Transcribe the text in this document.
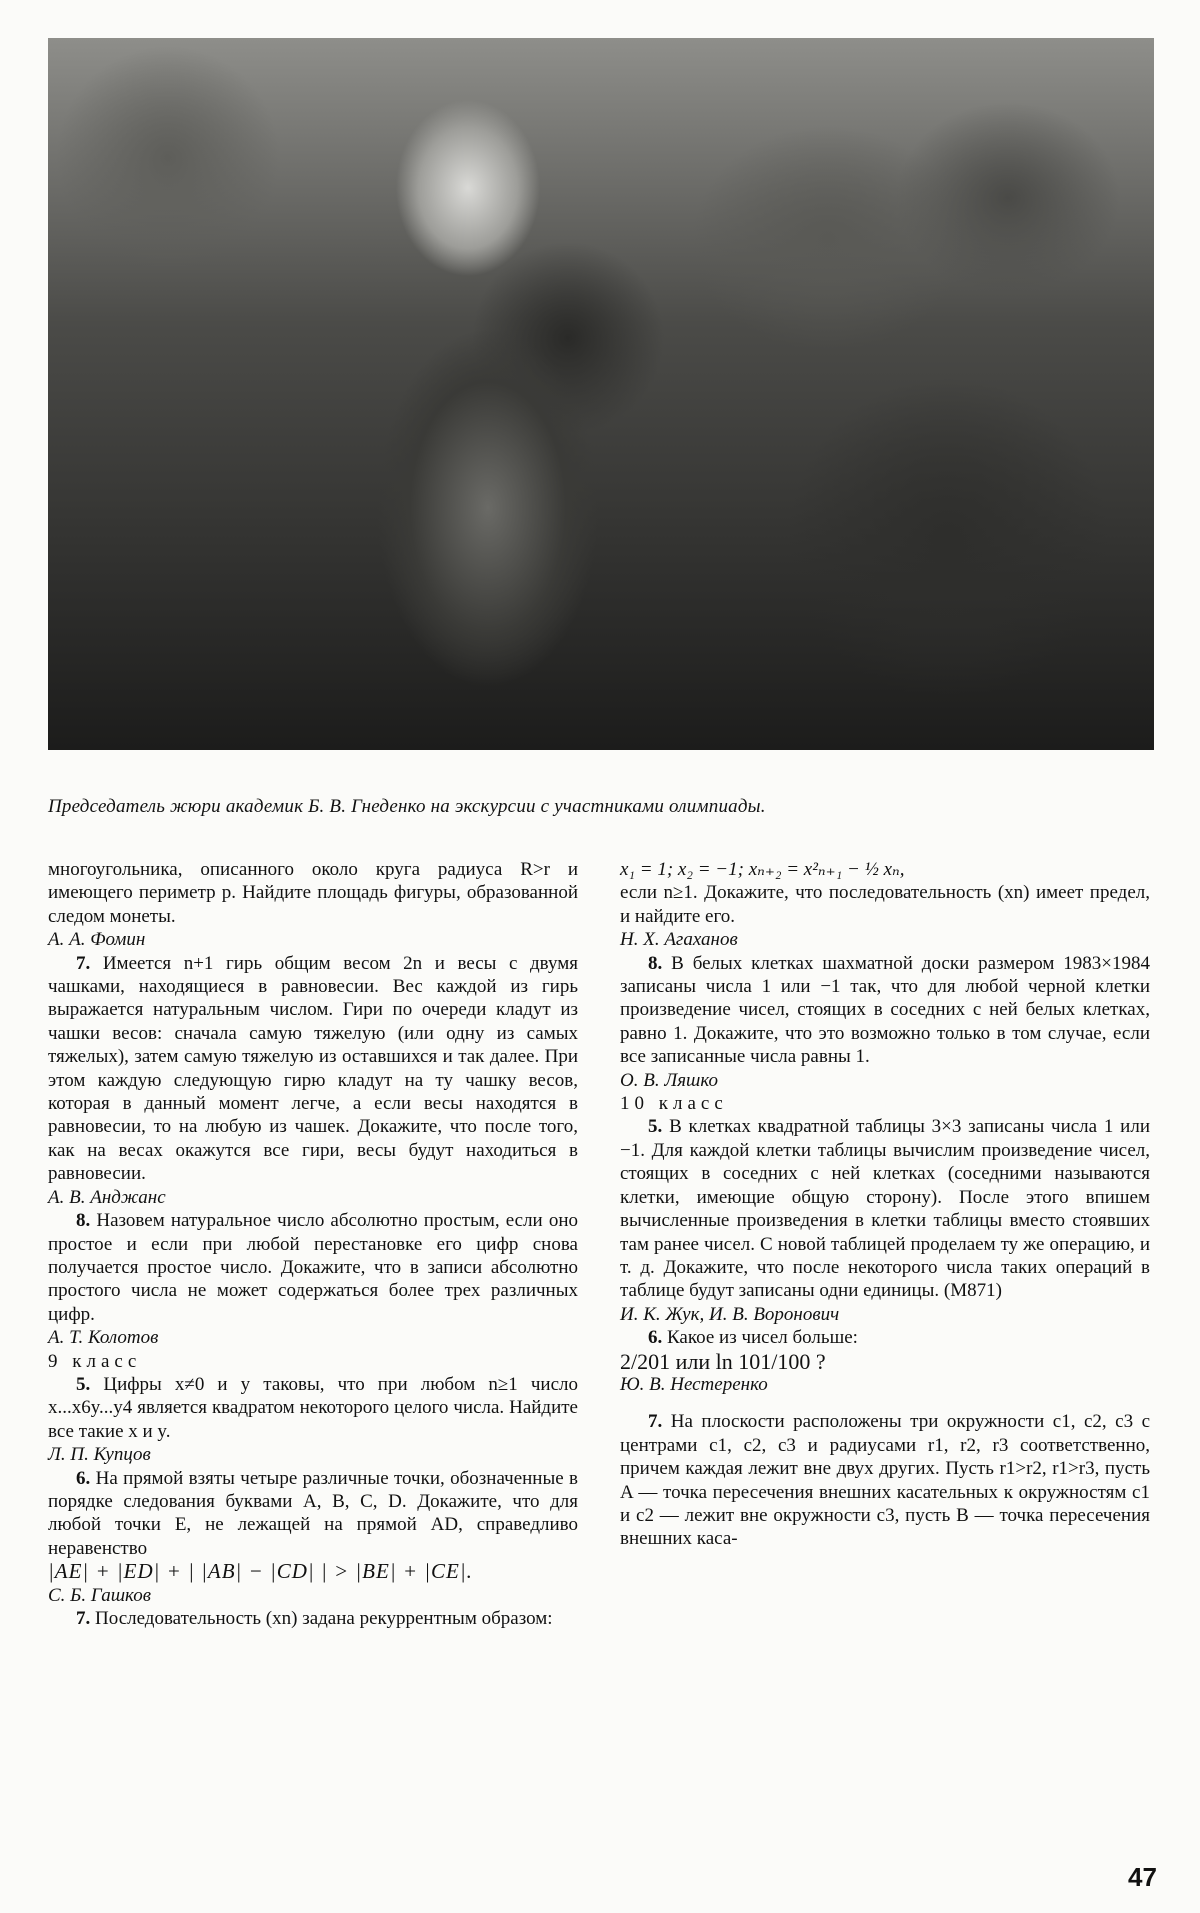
Председатель жюри академик Б. В. Гнеденко на экскурсии с участниками олимпиады.

многоугольника, описанного около круга радиуса R>r и имеющего периметр p. Найдите площадь фигуры, образованной следом монеты.

А. А. Фомин

7. Имеется n+1 гирь общим весом 2n и весы с двумя чашками, находящиеся в равновесии. Вес каждой из гирь выражается натуральным числом. Гири по очереди кладут из чашки весов: сначала самую тяжелую (или одну из самых тяжелых), затем самую тяжелую из оставшихся и так далее. При этом каждую следующую гирю кладут на ту чашку весов, которая в данный момент легче, а если весы находятся в равновесии, то на любую из чашек. Докажите, что после того, как на весах окажутся все гири, весы будут находиться в равновесии.

А. В. Анджанс

8. Назовем натуральное число абсолютно простым, если оно простое и если при любой перестановке его цифр снова получается простое число. Докажите, что в записи абсолютно простого числа не может содержаться более трех различных цифр.

А. Т. Колотов

9 класс

5. Цифры x≠0 и y таковы, что при любом n≥1 число x...x6y...y4 является квадратом некоторого целого числа. Найдите все такие x и y.

Л. П. Купцов

6. На прямой взяты четыре различные точки, обозначенные в порядке следования буквами A, B, C, D. Докажите, что для любой точки E, не лежащей на прямой AD, справедливо неравенство

|AE| + |ED| + | |AB| − |CD| | > |BE| + |CE|.

С. Б. Гашков

7. Последовательность (xn) задана рекуррентным образом:

x₁ = 1; x₂ = −1; xₙ₊₂ = x²ₙ₊₁ − ½ xₙ,

если n≥1. Докажите, что последовательность (xn) имеет предел, и найдите его.

Н. Х. Агаханов

8. В белых клетках шахматной доски размером 1983×1984 записаны числа 1 или −1 так, что для любой черной клетки произведение чисел, стоящих в соседних с ней белых клетках, равно 1. Докажите, что это возможно только в том случае, если все записанные числа равны 1.

О. В. Ляшко

10 класс

5. В клетках квадратной таблицы 3×3 записаны числа 1 или −1. Для каждой клетки таблицы вычислим произведение чисел, стоящих в соседних с ней клетках (соседними называются клетки, имеющие общую сторону). После этого впишем вычисленные произведения в клетки таблицы вместо стоявших там ранее чисел. С новой таблицей проделаем ту же операцию, и т. д. Докажите, что после некоторого числа таких операций в таблице будут записаны одни единицы. (М871)

И. К. Жук, И. В. Воронович

6. Какое из чисел больше:

2/201 или ln 101/100 ?

Ю. В. Нестеренко

7. На плоскости расположены три окружности c1, c2, c3 с центрами c1, c2, c3 и радиусами r1, r2, r3 соответственно, причем каждая лежит вне двух других. Пусть r1>r2, r1>r3, пусть A — точка пересечения внешних касательных к окружностям c1 и c2 — лежит вне окружности c3, пусть B — точка пересечения внешних каса-

47
